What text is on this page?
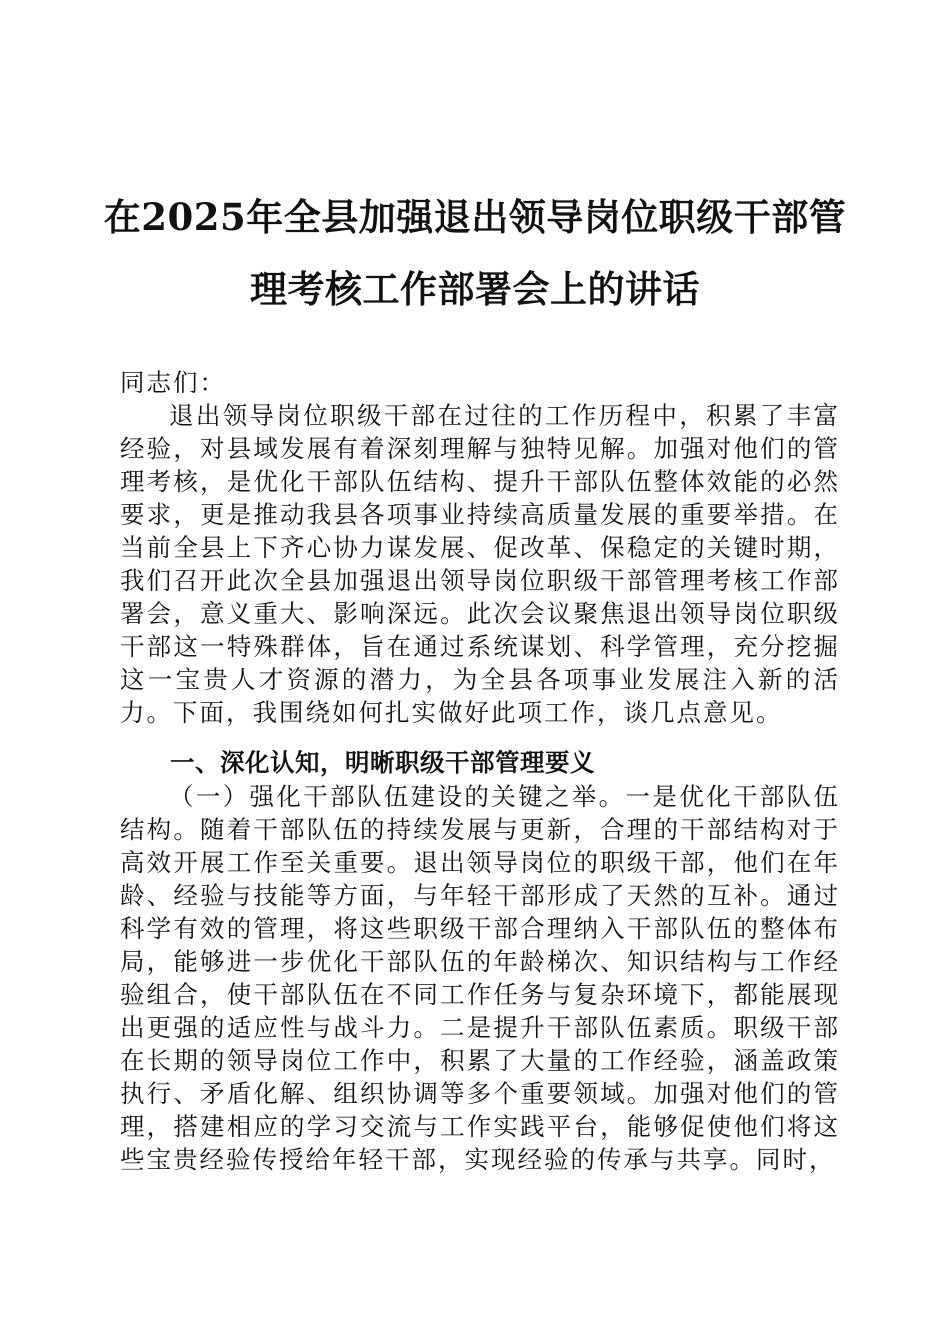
在2025年全县加强退出领导岗位职级干部管
理考核工作部署会上的讲话
同志们：

退出领导岗位职级干部在过往的工作历程中，积累了丰富经验，对县域发展有着深刻理解与独特见解。加强对他们的管理考核，是优化干部队伍结构、提升干部队伍整体效能的必然要求，更是推动我县各项事业持续高质量发展的重要举措。在当前全县上下齐心协力谋发展、促改革、保稳定的关键时期，我们召开此次全县加强退出领导岗位职级干部管理考核工作部署会，意义重大、影响深远。此次会议聚焦退出领导岗位职级干部这一特殊群体，旨在通过系统谋划、科学管理，充分挖掘这一宝贵人才资源的潜力，为全县各项事业发展注入新的活力。下面，我围绕如何扎实做好此项工作，谈几点意见。

一、深化认知，明晰职级干部管理要义

（一）强化干部队伍建设的关键之举。一是优化干部队伍结构。随着干部队伍的持续发展与更新，合理的干部结构对于高效开展工作至关重要。退出领导岗位的职级干部，他们在年龄、经验与技能等方面，与年轻干部形成了天然的互补。通过科学有效的管理，将这些职级干部合理纳入干部队伍的整体布局，能够进一步优化干部队伍的年龄梯次、知识结构与工作经验组合，使干部队伍在不同工作任务与复杂环境下，都能展现出更强的适应性与战斗力。二是提升干部队伍素质。职级干部在长期的领导岗位工作中，积累了大量的工作经验，涵盖政策执行、矛盾化解、组织协调等多个重要领域。加强对他们的管理，搭建相应的学习交流与工作实践平台，能够促使他们将这些宝贵经验传授给年轻干部，实现经验的传承与共享。同时，
